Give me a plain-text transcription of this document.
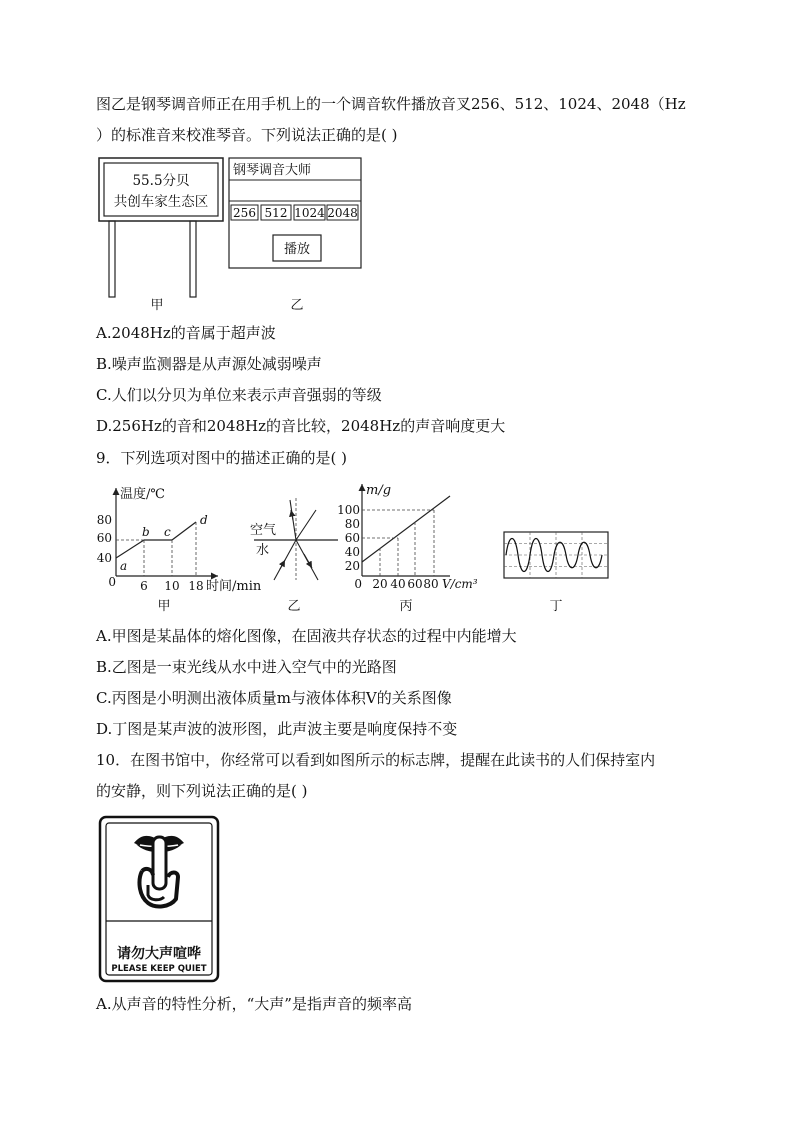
图乙是钢琴调音师正在用手机上的一个调音软件播放音叉256、512、1024、2048（Hz
）的标准音来校准琴音。下列说法正确的是( )
55.5分贝
共创车家生态区
甲
钢琴调音大师
256 512 1024 2048
播放
乙
A.2048Hz的音属于超声波
B.噪声监测器是从声源处减弱噪声
C.人们以分贝为单位来表示声音强弱的等级
D.256Hz的音和2048Hz的音比较，2048Hz的声音响度更大
9．下列选项对图中的描述正确的是( )
温度/℃
时间/min
80
60
40
6 10 18
0
a
b c
d
甲
空气
水
乙
m/g
V/cm³
100
80
60
40
20
0 20 40 60 80
丙	丁
A.甲图是某晶体的熔化图像，在固液共存状态的过程中内能增大
B.乙图是一束光线从水中进入空气中的光路图
C.丙图是小明测出液体质量m与液体体积V的关系图像
D.丁图是某声波的波形图，此声波主要是响度保持不变
10．在图书馆中，你经常可以看到如图所示的标志牌，提醒在此读书的人们保持室内
的安静，则下列说法正确的是( )
请勿大声喧哗
PLEASE KEEP QUIET
A.从声音的特性分析，“大声”是指声音的频率高
